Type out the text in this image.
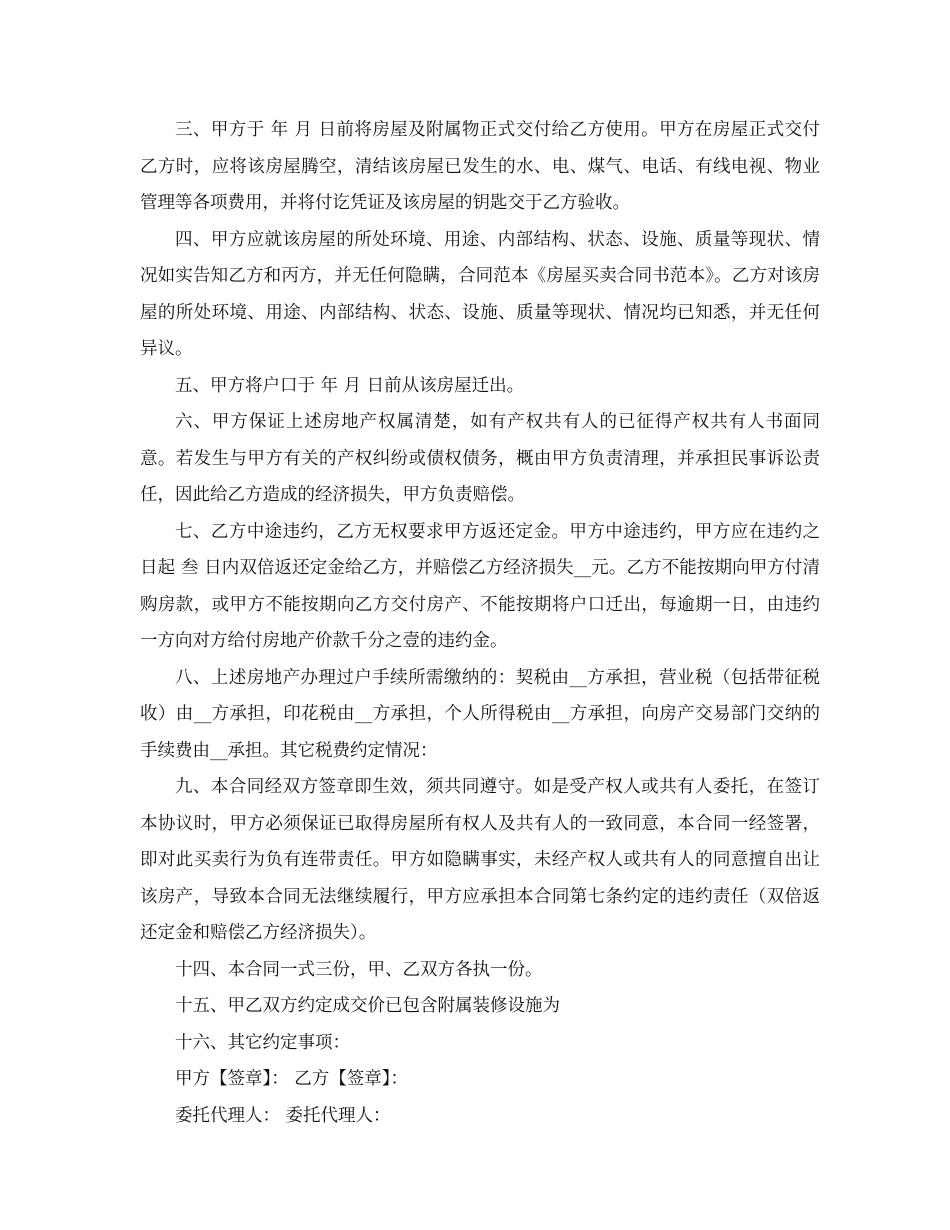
三、甲方于 年 月 日前将房屋及附属物正式交付给乙方使用。甲方在房屋正式交付乙方时，应将该房屋腾空，清结该房屋已发生的水、电、煤气、电话、有线电视、物业管理等各项费用，并将付讫凭证及该房屋的钥匙交于乙方验收。

四、甲方应就该房屋的所处环境、用途、内部结构、状态、设施、质量等现状、情况如实告知乙方和丙方，并无任何隐瞒，合同范本《房屋买卖合同书范本》。乙方对该房屋的所处环境、用途、内部结构、状态、设施、质量等现状、情况均已知悉，并无任何异议。

五、甲方将户口于 年 月 日前从该房屋迁出。

六、甲方保证上述房地产权属清楚，如有产权共有人的已征得产权共有人书面同意。若发生与甲方有关的产权纠纷或债权债务，概由甲方负责清理，并承担民事诉讼责任，因此给乙方造成的经济损失，甲方负责赔偿。

七、乙方中途违约，乙方无权要求甲方返还定金。甲方中途违约，甲方应在违约之日起 叁 日内双倍返还定金给乙方，并赔偿乙方经济损失__元。乙方不能按期向甲方付清购房款，或甲方不能按期向乙方交付房产、不能按期将户口迁出，每逾期一日，由违约一方向对方给付房地产价款千分之壹的违约金。

八、上述房地产办理过户手续所需缴纳的：契税由__方承担，营业税（包括带征税收）由__方承担，印花税由__方承担，个人所得税由__方承担，向房产交易部门交纳的手续费由__承担。其它税费约定情况：

九、本合同经双方签章即生效，须共同遵守。如是受产权人或共有人委托，在签订本协议时，甲方必须保证已取得房屋所有权人及共有人的一致同意，本合同一经签署，即对此买卖行为负有连带责任。甲方如隐瞒事实，未经产权人或共有人的同意擅自出让该房产，导致本合同无法继续履行，甲方应承担本合同第七条约定的违约责任（双倍返还定金和赔偿乙方经济损失）。

十四、本合同一式三份，甲、乙双方各执一份。

十五、甲乙双方约定成交价已包含附属装修设施为

十六、其它约定事项：

甲方【签章】： 乙方【签章】：

委托代理人： 委托代理人：
